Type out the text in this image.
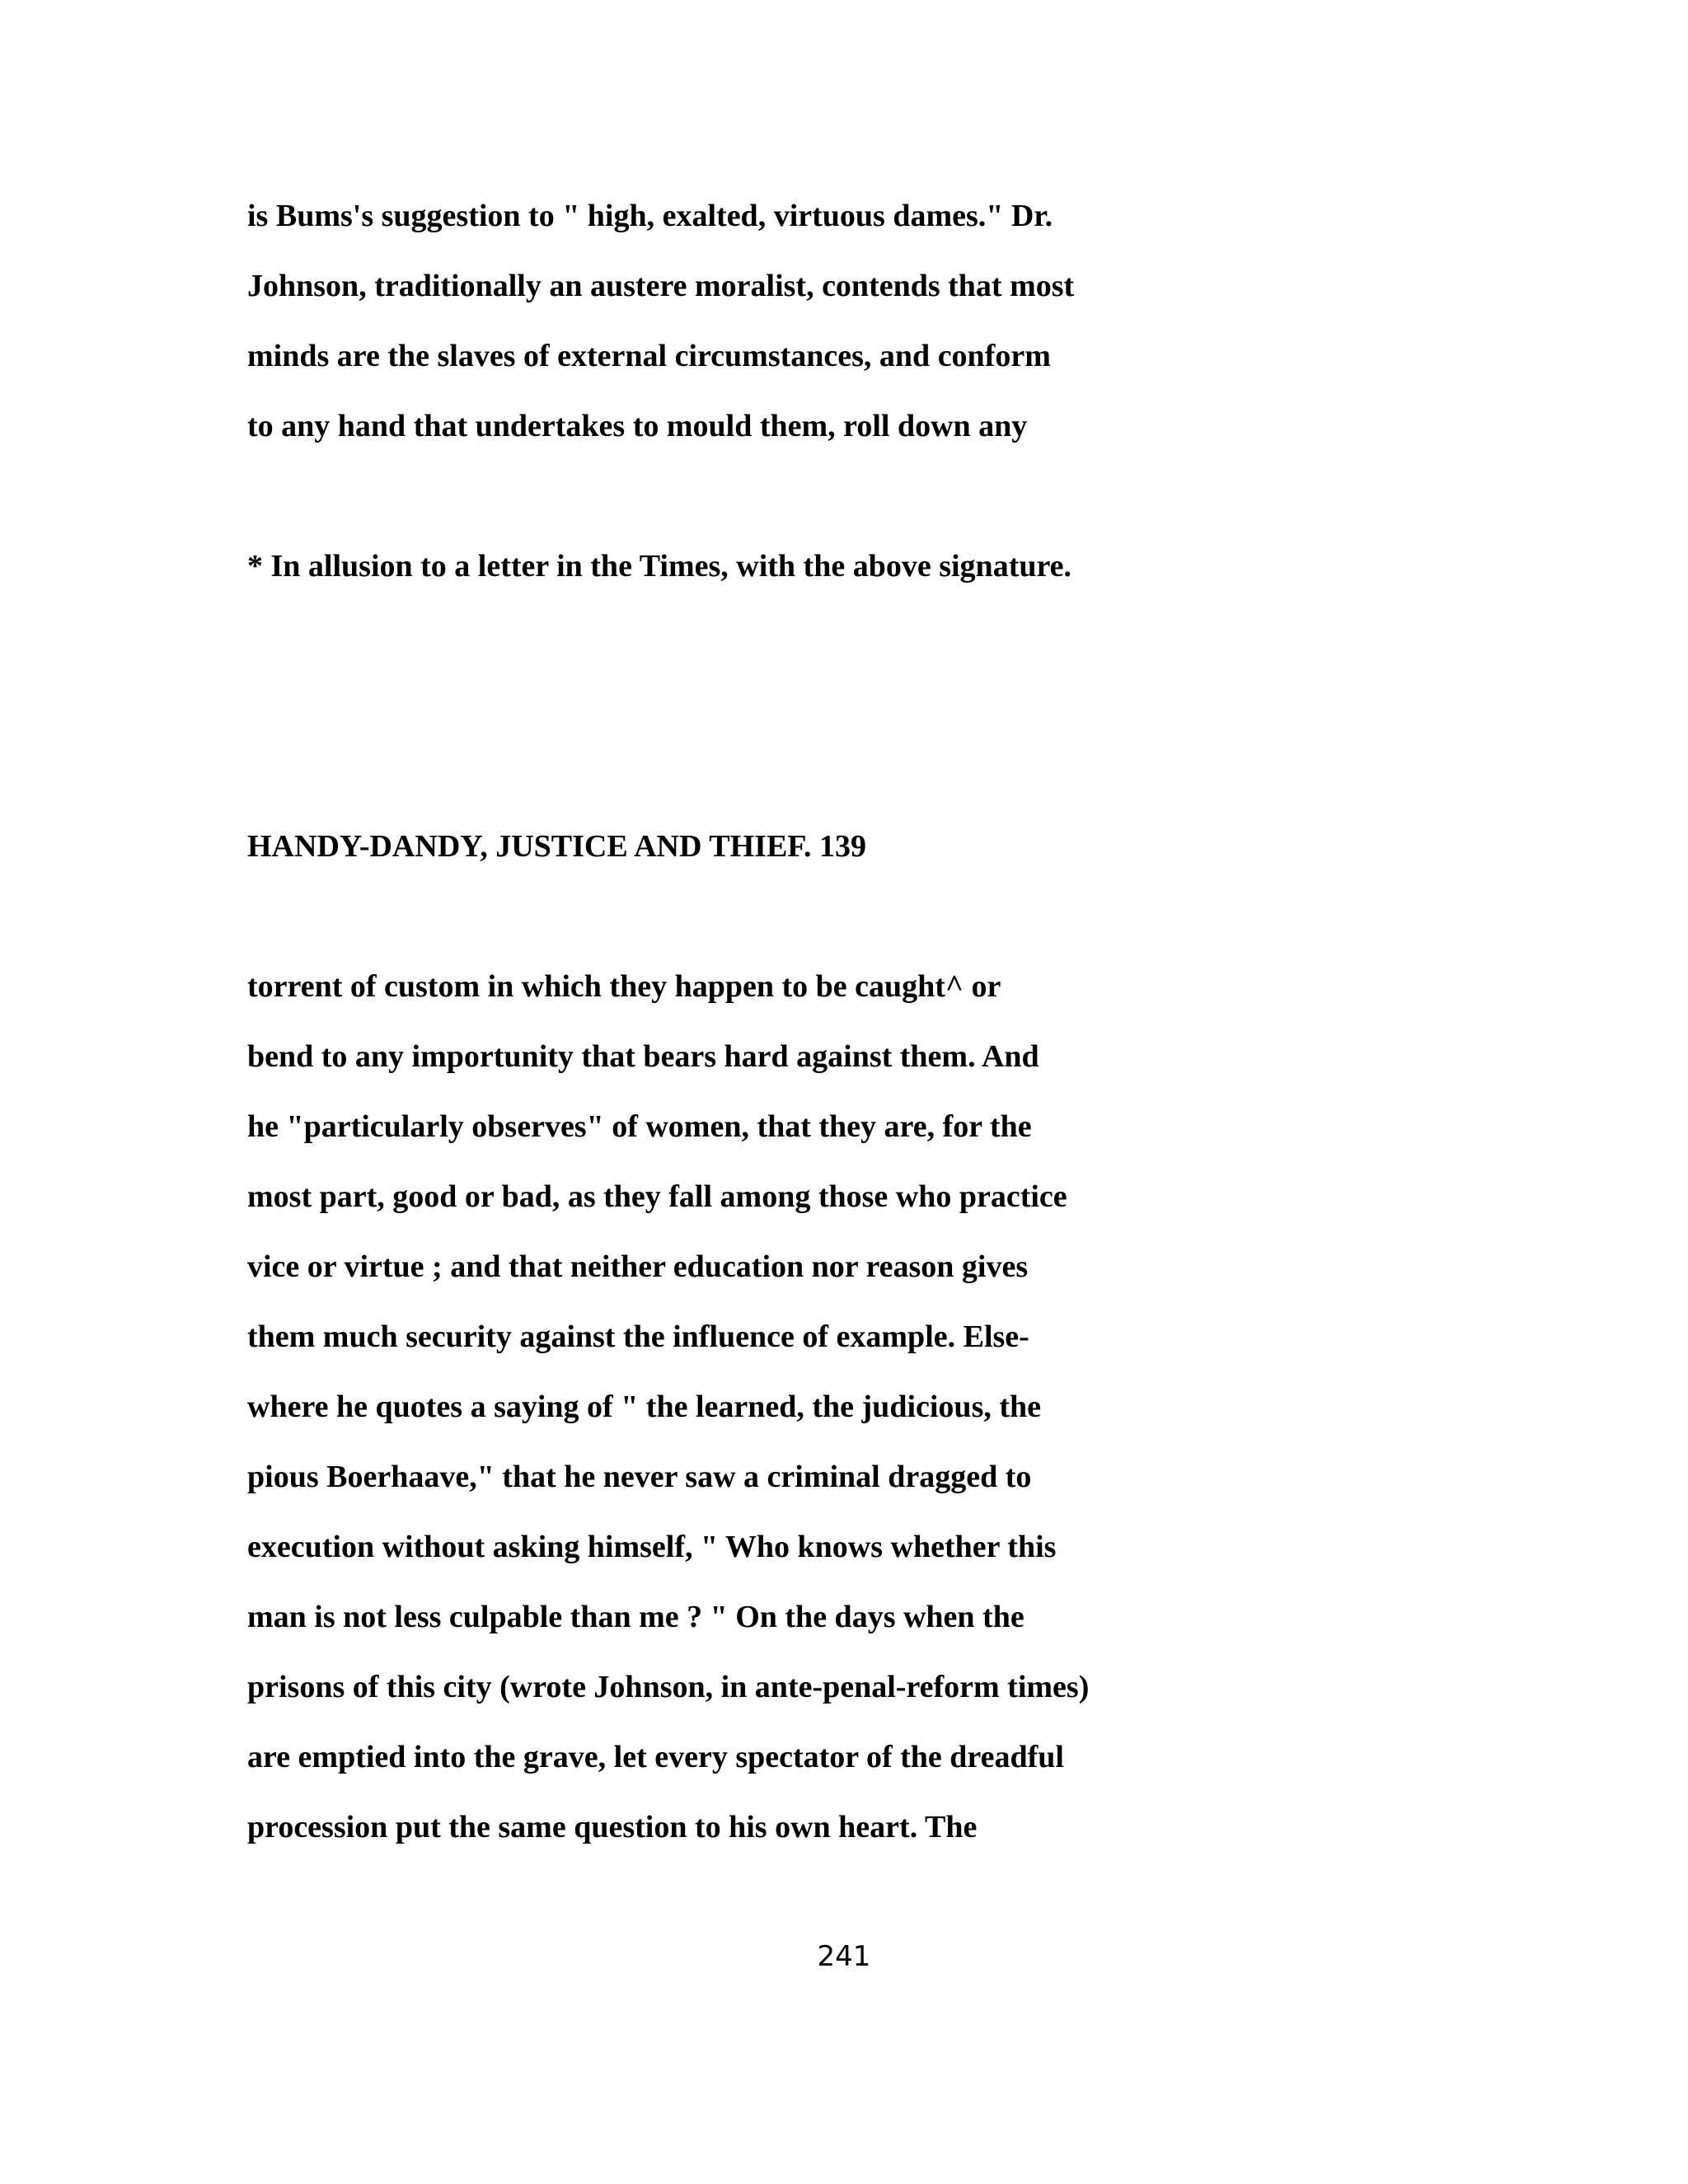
is Bums's suggestion to " high, exalted, virtuous dames." Dr.
Johnson, traditionally an austere moralist, contends that most
minds are the slaves of external circumstances, and conform
to any hand that undertakes to mould them, roll down any
* In allusion to a letter in the Times, with the above signature.
HANDY-DANDY, JUSTICE AND THIEF. 139
torrent of custom in which they happen to be caught^ or
bend to any importunity that bears hard against them. And
he "particularly observes" of women, that they are, for the
most part, good or bad, as they fall among those who practice
vice or virtue ; and that neither education nor reason gives
them much security against the influence of example. Else-
where he quotes a saying of " the learned, the judicious, the
pious Boerhaave," that he never saw a criminal dragged to
execution without asking himself, " Who knows whether this
man is not less culpable than me ? " On the days when the
prisons of this city (wrote Johnson, in ante-penal-reform times)
are emptied into the grave, let every spectator of the dreadful
procession put the same question to his own heart. The
241
